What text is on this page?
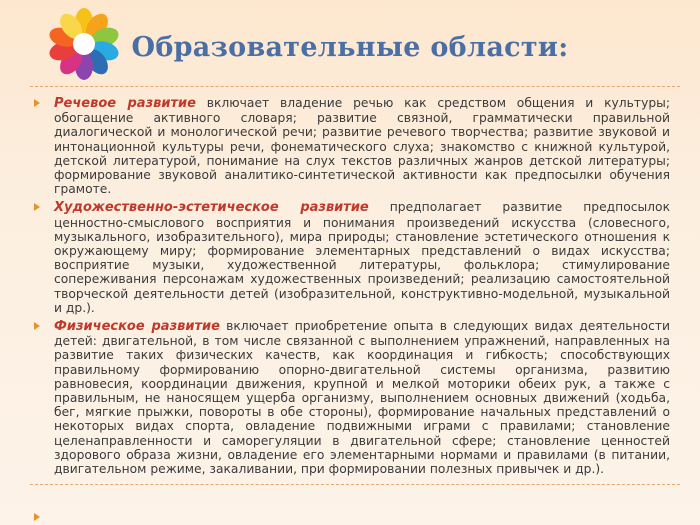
Образовательные области:

Речевое развитие включает владение речью как средством общения и культуры; обогащение активного словаря; развитие связной, грамматически правильной диалогической и монологической речи; развитие речевого творчества; развитие звуковой и интонационной культуры речи, фонематического слуха; знакомство с книжной культурой, детской литературой, понимание на слух текстов различных жанров детской литературы; формирование звуковой аналитико-синтетической активности как предпосылки обучения грамоте.

Художественно-эстетическое развитие предполагает развитие предпосылок ценностно-смыслового восприятия и понимания произведений искусства (словесного, музыкального, изобразительного), мира природы; становление эстетического отношения к окружающему миру; формирование элементарных представлений о видах искусства; восприятие музыки, художественной литературы, фольклора; стимулирование сопереживания персонажам художественных произведений; реализацию самостоятельной творческой деятельности детей (изобразительной, конструктивно-модельной, музыкальной и др.).

Физическое развитие включает приобретение опыта в следующих видах деятельности детей: двигательной, в том числе связанной с выполнением упражнений, направленных на развитие таких физических качеств, как координация и гибкость; способствующих правильному формированию опорно-двигательной системы организма, развитию равновесия, координации движения, крупной и мелкой моторики обеих рук, а также с правильным, не наносящем ущерба организму, выполнением основных движений (ходьба, бег, мягкие прыжки, повороты в обе стороны), формирование начальных представлений о некоторых видах спорта, овладение подвижными играми с правилами; становление целенаправленности и саморегуляции в двигательной сфере; становление ценностей здорового образа жизни, овладение его элементарными нормами и правилами (в питании, двигательном режиме, закаливании, при формировании полезных привычек и др.).
